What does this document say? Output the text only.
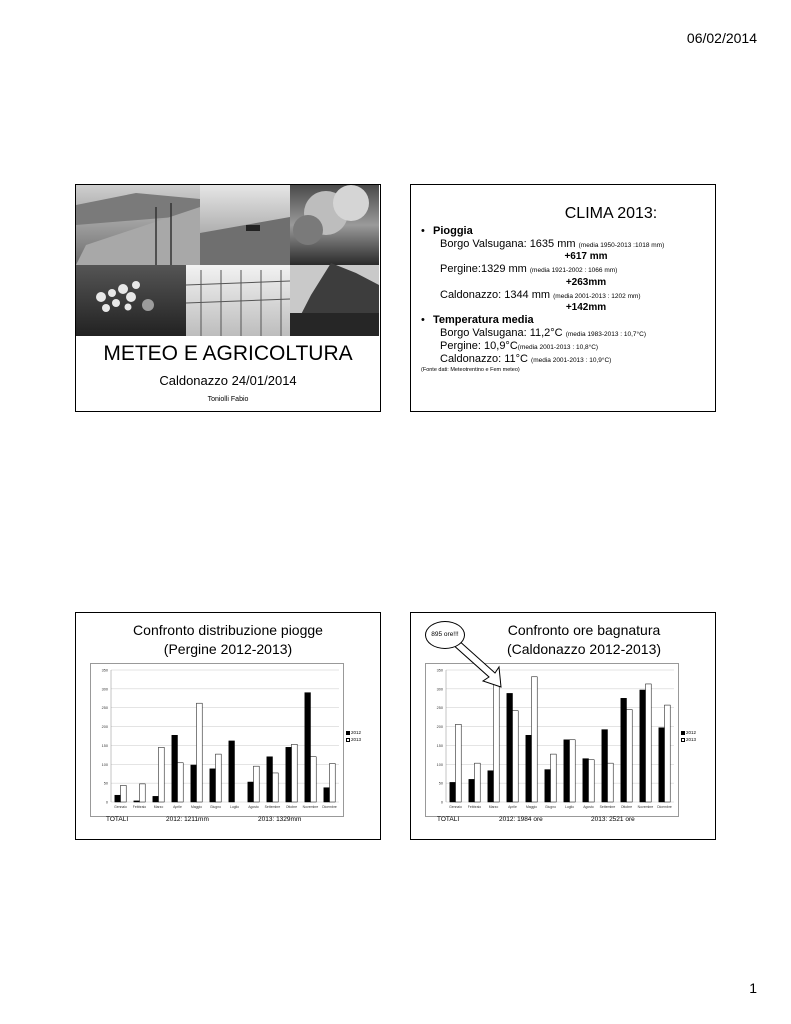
06/02/2014
METEO E AGRICOLTURA
Caldonazzo 24/01/2014
Toniolli Fabio
CLIMA 2013:
• Pioggia
Borgo Valsugana: 1635 mm (media 1950-2013 :1018 mm)
+617 mm
Pergine:1329 mm (media 1921-2002 : 1066 mm)
+263mm
Caldonazzo: 1344 mm (media 2001-2013 : 1202 mm)
+142mm
• Temperatura media
Borgo Valsugana: 11,2°C (media 1983-2013 : 10,7°C)
Pergine: 10,9°C(media 2001-2013 : 10,8°C)
Caldonazzo: 11°C (media 2001-2013 : 10,9°C)
(Fonte dati: Meteotrentino e Fem meteo)
Confronto distribuzione piogge
(Pergine 2012-2013)
0
50
100
150
200
250
300
350
Gennaio Febbraio Marzo	Aprile	Maggio Giugno	Luglio	Agosto Settembre Ottobre Novembre Dicembre
2012
2013
TOTALI	2012: 1211mm	2013: 1329mm
Confronto ore bagnatura
(Caldonazzo 2012-2013)
0
50
100
150
200
250
300
350
Gennaio Febbraio Marzo	Aprile	Maggio Giugno	Luglio	Agosto Settembre Ottobre Novembre Dicembre
2012
2013
895 ore!!!
TOTALI	2012: 1984 ore	2013: 2521 ore
1
